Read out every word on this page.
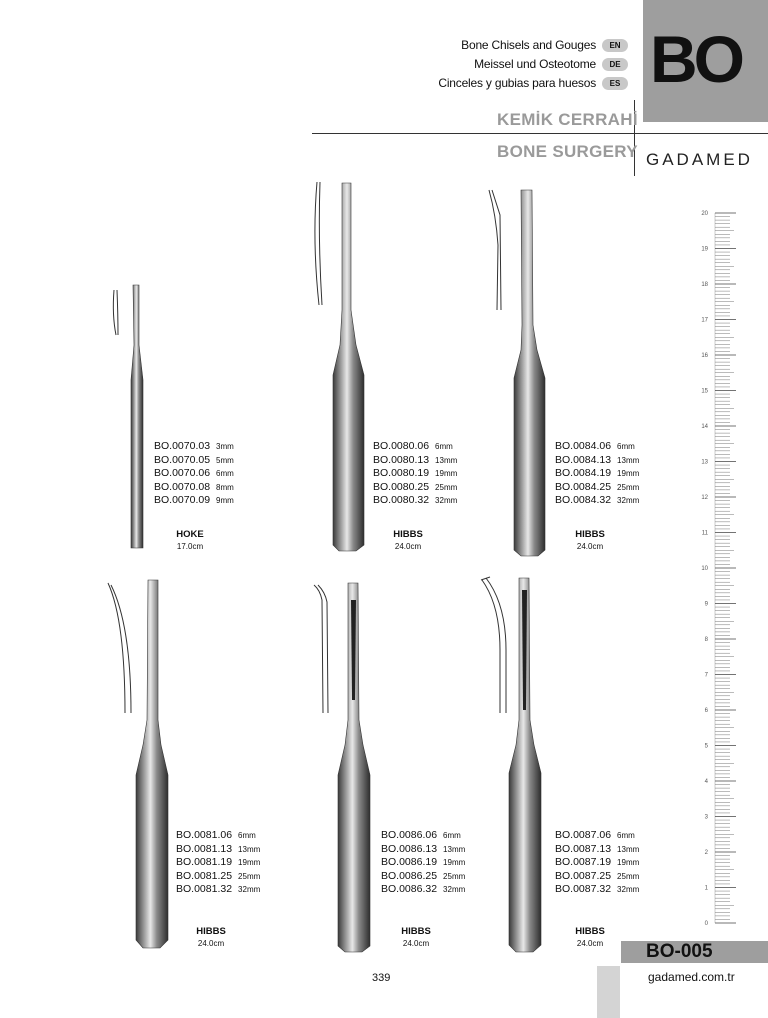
Bone Chisels and Gouges	EN
Meissel und Osteotome	DE
Cinceles y gubias para huesos	ES BO
KEMİK CERRAHİ
BONE SURGERY GADAMED
BO.0070.03 3mm
BO.0070.05 5mm
BO.0070.06 6mm
BO.0070.08 8mm
BO.0070.09 9mm
HOKE
17.0cm
BO.0080.06 6mm
BO.0080.13 13mm
BO.0080.19 19mm
BO.0080.25 25mm
BO.0080.32 32mm
HIBBS
24.0cm
BO.0084.06 6mm
BO.0084.13 13mm
BO.0084.19 19mm
BO.0084.25 25mm
BO.0084.32 32mm
HIBBS
24.0cm
BO.0081.06 6mm
BO.0081.13 13mm
BO.0081.19 19mm
BO.0081.25 25mm
BO.0081.32 32mm
HIBBS
24.0cm
BO.0086.06 6mm
BO.0086.13 13mm
BO.0086.19 19mm
BO.0086.25 25mm
BO.0086.32 32mm
HIBBS
24.0cm
BO.0087.06 6mm
BO.0087.13 13mm
BO.0087.19 19mm
BO.0087.25 25mm
BO.0087.32 32mm
HIBBS
24.0cm
20
19
18
17
16
15
14
13
12
11
10
9
8
7
6
5
4
3
2
1
0
BO-005
gadamed.com.tr
339
